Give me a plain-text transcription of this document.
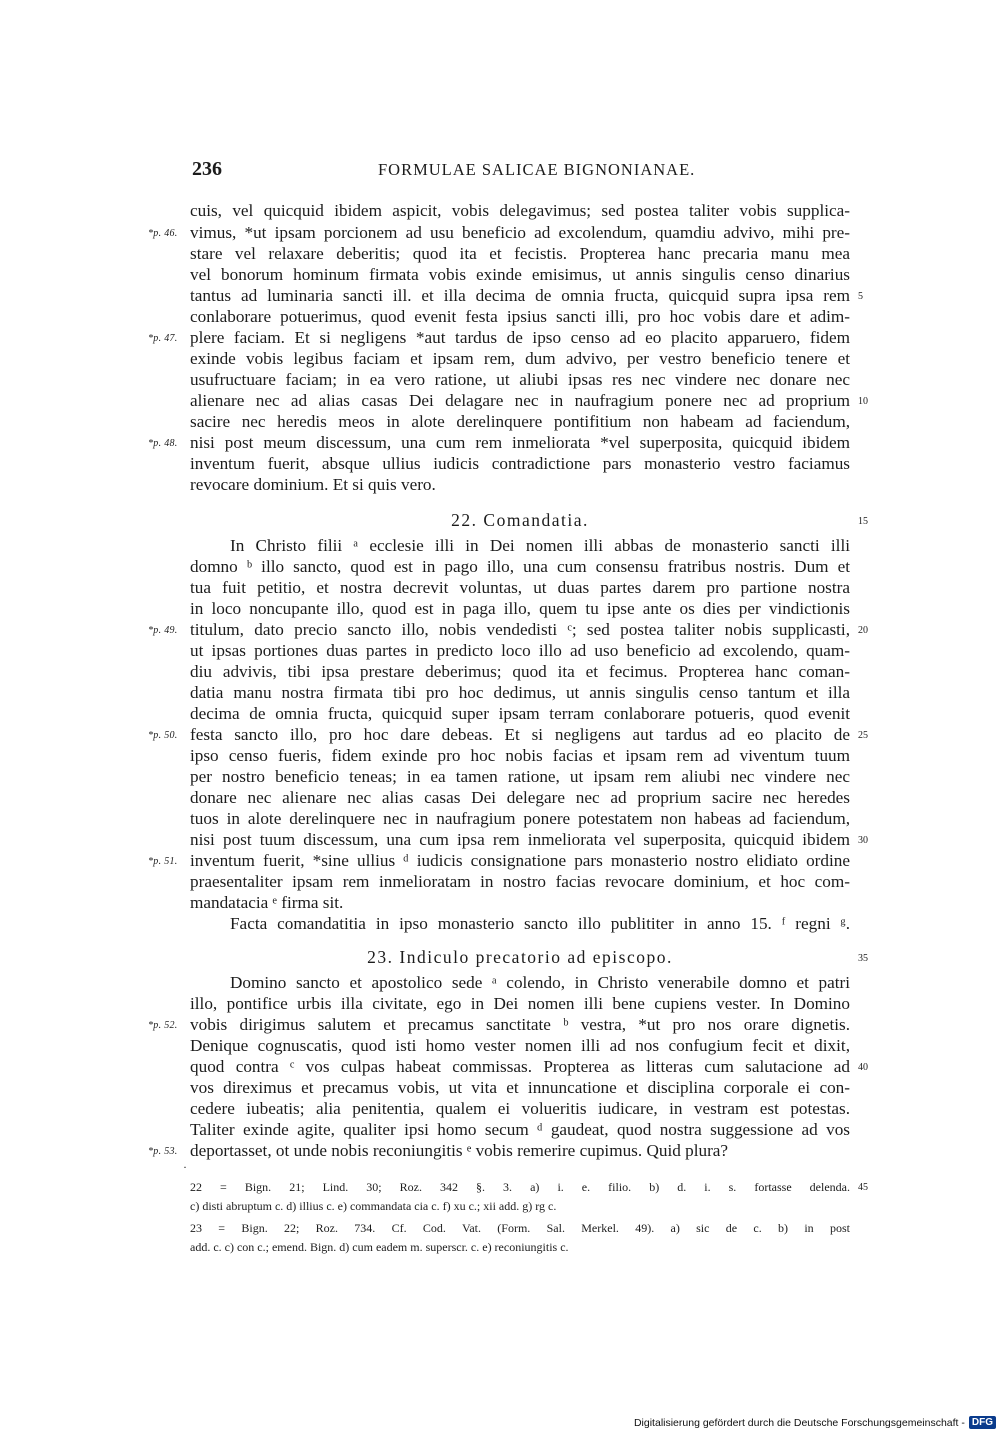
236	FORMULAE SALICAE BIGNONIANAE.
cuis, vel quicquid ibidem aspicit, vobis delegavimus; sed postea taliter vobis supplica-
vimus, *ut ipsam porcionem ad usu beneficio ad excolendum, quamdiu advivo, mihi pre-
stare vel relaxare deberitis; quod ita et fecistis. Propterea hanc precaria manu mea
vel bonorum hominum firmata vobis exinde emisimus, ut annis singulis censo dinarius
tantus ad luminaria sancti ill. et illa decima de omnia fructa, quicquid supra ipsa rem
conlaborare potuerimus, quod evenit festa ipsius sancti illi, pro hoc vobis dare et adim-
plere faciam. Et si negligens *aut tardus de ipso censo ad eo placito apparuero, fidem
exinde vobis legibus faciam et ipsam rem, dum advivo, per vestro beneficio tenere et
usufructuare faciam; in ea vero ratione, ut aliubi ipsas res nec vindere nec donare nec
alienare nec ad alias casas Dei delagare nec in naufragium ponere nec ad proprium
sacire nec heredis meos in alote derelinquere pontifitium non habeam ad faciendum,
nisi post meum discessum, una cum rem inmeliorata *vel superposita, quicquid ibidem
inventum fuerit, absque ullius iudicis contradictione pars monasterio vestro faciamus
revocare dominium. Et si quis vero.
22. Comandatia.	15
In Christo filii ᵃ ecclesie illi in Dei nomen illi abbas de monasterio sancti illi
domno ᵇ illo sancto, quod est in pago illo, una cum consensu fratribus nostris. Dum et
tua fuit petitio, et nostra decrevit voluntas, ut duas partes darem pro partione nostra
in loco noncupante illo, quod est in paga illo, quem tu ipse ante os dies per vindictionis
titulum, dato precio sancto illo, nobis vendedisti ᶜ; sed postea taliter nobis supplicasti,
ut ipsas portiones duas partes in predicto loco illo ad uso beneficio ad excolendo, quam-
diu advivis, tibi ipsa prestare deberimus; quod ita et fecimus. Propterea hanc coman-
datia manu nostra firmata tibi pro hoc dedimus, ut annis singulis censo tantum et illa
decima de omnia fructa, quicquid super ipsam terram conlaborare potueris, quod evenit
festa sancto illo, pro hoc dare debeas. Et si negligens aut tardus ad eo placito de
ipso censo fueris, fidem exinde pro hoc nobis facias et ipsam rem ad viventum tuum
per nostro beneficio teneas; in ea tamen ratione, ut ipsam rem aliubi nec vindere nec
donare nec alienare nec alias casas Dei delegare nec ad proprium sacire nec heredes
tuos in alote derelinquere nec in naufragium ponere potestatem non habeas ad faciendum,
nisi post tuum discessum, una cum ipsa rem inmeliorata vel superposita, quicquid ibidem
inventum fuerit, *sine ullius ᵈ iudicis consignatione pars monasterio nostro elidiato ordine
praesentaliter ipsam rem inmelioratam in nostro facias revocare dominium, et hoc com-
mandatacia ᵉ firma sit.
Facta comandatitia in ipso monasterio sancto illo publititer in anno 15. ᶠ regni ᵍ.
23. Indiculo precatorio ad episcopo.	35
Domino sancto et apostolico sede ᵃ colendo, in Christo venerabile domno et patri
illo, pontifice urbis illa civitate, ego in Dei nomen illi bene cupiens vester. In Domino
vobis dirigimus salutem et precamus sanctitate ᵇ vestra, *ut pro nos orare dignetis.
Denique cognuscatis, quod isti homo vester nomen illi ad nos confugium fecit et dixit,
quod contra ᶜ vos culpas habeat commissas. Propterea as litteras cum salutacione ad
vos direximus et precamus vobis, ut vita et innuncatione et disciplina corporale ei con-
cedere iubeatis; alia penitentia, qualem ei volueritis iudicare, in vestram est potestas.
Taliter exinde agite, qualiter ipsi homo secum ᵈ gaudeat, quod nostra suggessione ad vos
deportasset, ot unde nobis reconiungitis ᵉ vobis remerire cupimus. Quid plura?
·
*p. 46.
*p. 47.
*p. 48.
*p. 49.
*p. 50.
*p. 51.
*p. 52.
*p. 53.
5
10
20
25
30
40
45
22 = Bign. 21; Lind. 30; Roz. 342 §. 3. a) i. e. filio. b) d. i. s. fortasse delenda.
c) disti abruptum c. d) illius c. e) commandata cia c. f) xu c.; xii add. g) rg c.
23 = Bign. 22; Roz. 734. Cf. Cod. Vat. (Form. Sal. Merkel. 49). a) sic de c. b) in post
add. c. c) con c.; emend. Bign. d) cum eadem m. superscr. c. e) reconiungitis c.
Digitalisierung gefördert durch die Deutsche Forschungsgemeinschaft - DFG
